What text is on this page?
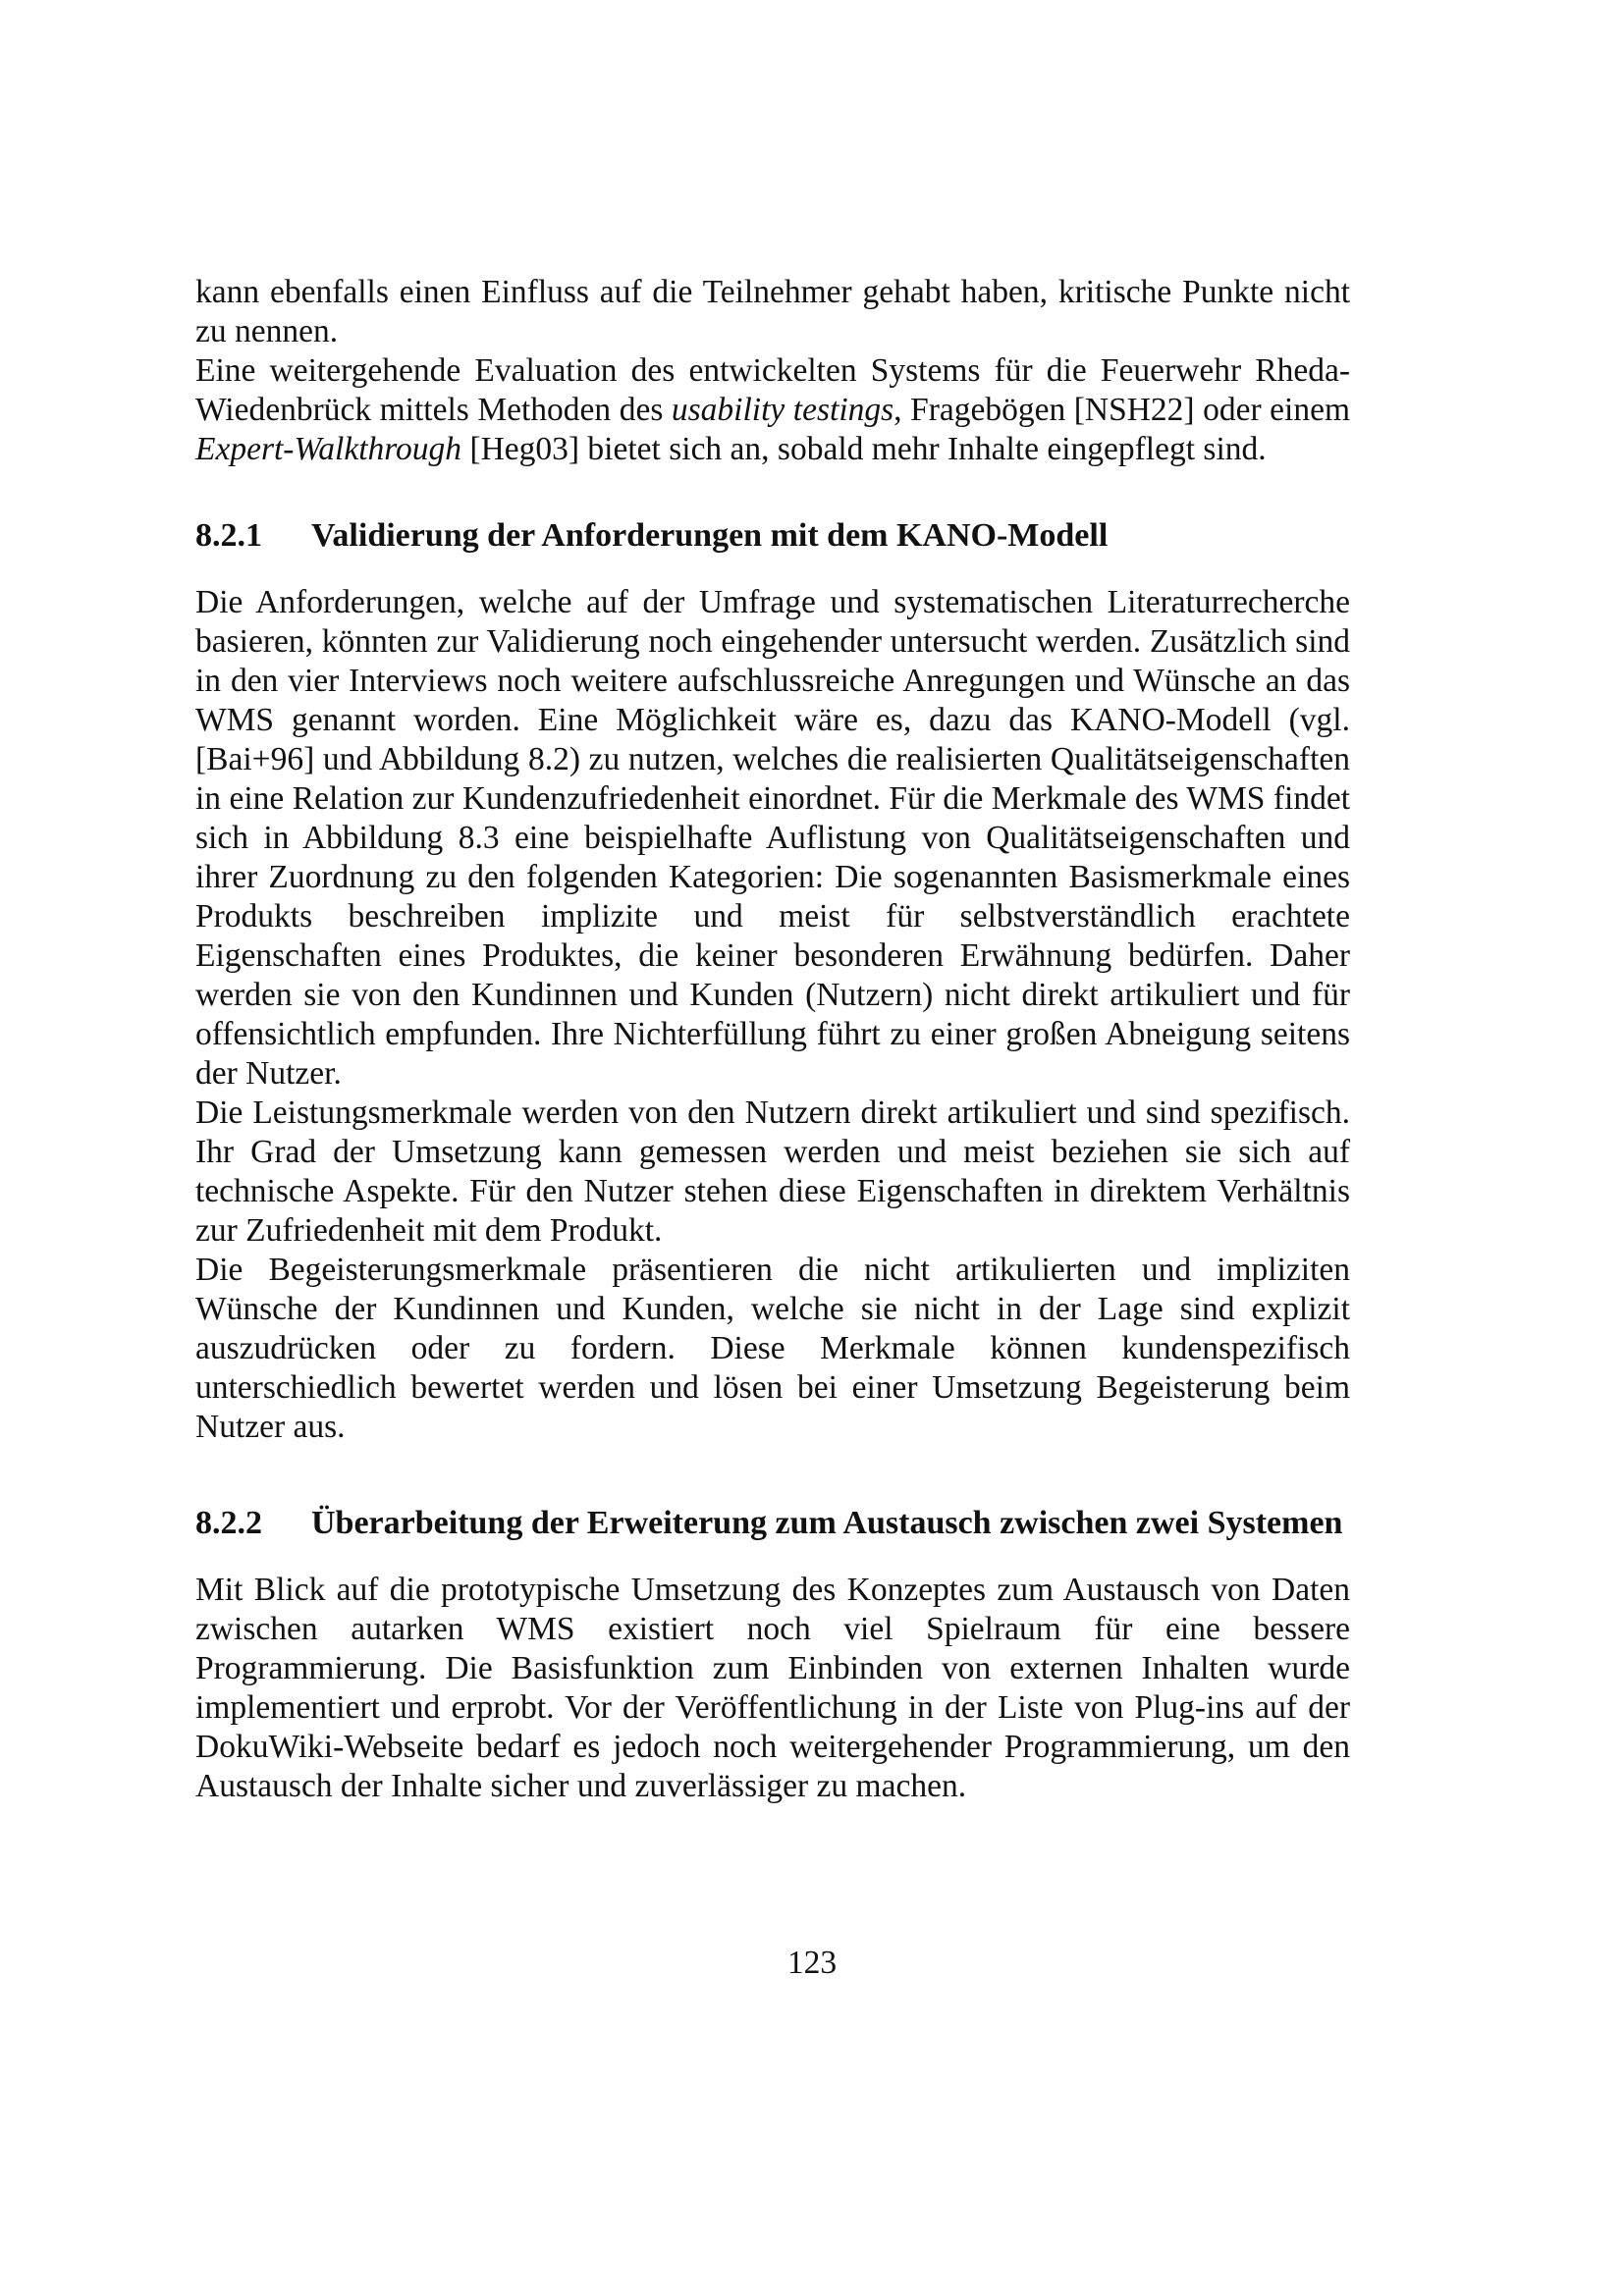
kann ebenfalls einen Einfluss auf die Teilnehmer gehabt haben, kritische Punkte nicht zu nennen.

Eine weitergehende Evaluation des entwickelten Systems für die Feuerwehr Rheda-Wiedenbrück mittels Methoden des usability testings, Fragebögen [NSH22] oder einem Expert-Walkthrough [Heg03] bietet sich an, sobald mehr Inhalte eingepflegt sind.

8.2.1	Validierung der Anforderungen mit dem KANO-Modell

Die Anforderungen, welche auf der Umfrage und systematischen Literaturrecherche basieren, könnten zur Validierung noch eingehender untersucht werden. Zusätzlich sind in den vier Interviews noch weitere aufschlussreiche Anregungen und Wünsche an das WMS genannt worden. Eine Möglichkeit wäre es, dazu das KANO-Modell (vgl. [Bai+96] und Abbildung 8.2) zu nutzen, welches die realisierten Qualitätseigenschaften in eine Relation zur Kundenzufriedenheit einordnet. Für die Merkmale des WMS findet sich in Abbildung 8.3 eine beispielhafte Auflistung von Qualitätseigenschaften und ihrer Zuordnung zu den folgenden Kategorien: Die sogenannten Basismerkmale eines Produkts beschreiben implizite und meist für selbstverständlich erachtete Eigenschaften eines Produktes, die keiner besonderen Erwähnung bedürfen. Daher werden sie von den Kundinnen und Kunden (Nutzern) nicht direkt artikuliert und für offensichtlich empfunden. Ihre Nichterfüllung führt zu einer großen Abneigung seitens der Nutzer.

Die Leistungsmerkmale werden von den Nutzern direkt artikuliert und sind spezifisch. Ihr Grad der Umsetzung kann gemessen werden und meist beziehen sie sich auf technische Aspekte. Für den Nutzer stehen diese Eigenschaften in direktem Verhältnis zur Zufriedenheit mit dem Produkt.

Die Begeisterungsmerkmale präsentieren die nicht artikulierten und impliziten Wünsche der Kundinnen und Kunden, welche sie nicht in der Lage sind explizit auszudrücken oder zu fordern. Diese Merkmale können kundenspezifisch unterschiedlich bewertet werden und lösen bei einer Umsetzung Begeisterung beim Nutzer aus.

8.2.2	Überarbeitung der Erweiterung zum Austausch zwischen zwei Systemen

Mit Blick auf die prototypische Umsetzung des Konzeptes zum Austausch von Daten zwischen autarken WMS existiert noch viel Spielraum für eine bessere Programmierung. Die Basisfunktion zum Einbinden von externen Inhalten wurde implementiert und erprobt. Vor der Veröffentlichung in der Liste von Plug-ins auf der DokuWiki-Webseite bedarf es jedoch noch weitergehender Programmierung, um den Austausch der Inhalte sicher und zuverlässiger zu machen.

123
